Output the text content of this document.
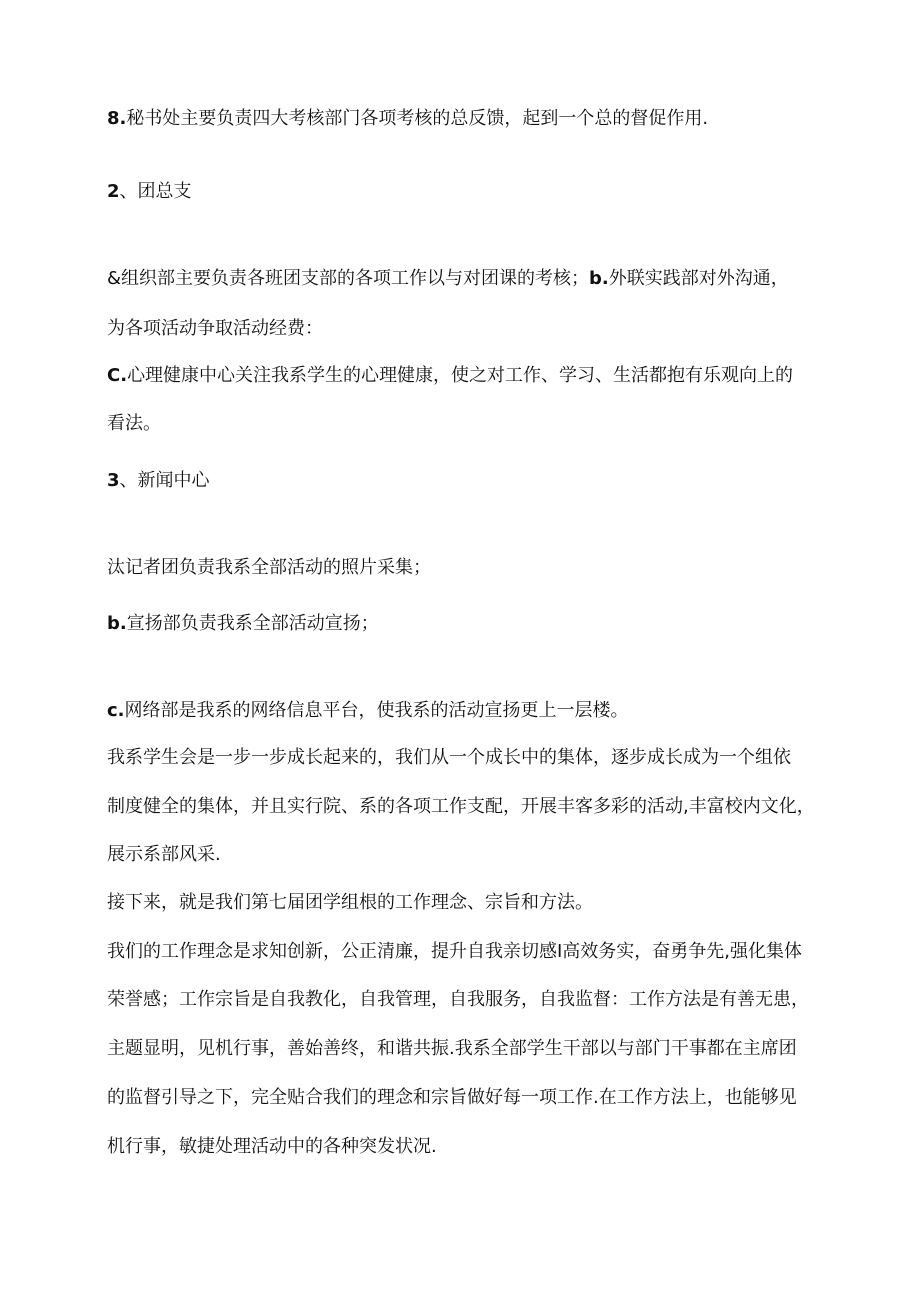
8.秘书处主要负责四大考核部门各项考核的总反馈，起到一个总的督促作用.
2、团总支
&组织部主要负责各班团支部的各项工作以与对团课的考核；b.外联实践部对外沟通，
为各项活动争取活动经费：
C.心理健康中心关注我系学生的心理健康，使之对工作、学习、生活都抱有乐观向上的
看法。
3、新闻中心
汰记者团负责我系全部活动的照片采集；
b.宣扬部负责我系全部活动宣扬；
c.网络部是我系的网络信息平台，使我系的活动宣扬更上一层楼。
我系学生会是一步一步成长起来的，我们从一个成长中的集体，逐步成长成为一个组依
制度健全的集体，并且实行院、系的各项工作支配，开展丰客多彩的活动,丰富校内文化，
展示系部风采.
接下来，就是我们第七届团学组根的工作理念、宗旨和方法。
我们的工作理念是求知创新，公正清廉，提升自我亲切感I高效务实，奋勇争先,强化集体
荣誉感；工作宗旨是自我教化，自我管理，自我服务，自我监督：工作方法是有善无患，
主题显明，见机行事，善始善终，和谐共振.我系全部学生干部以与部门干事都在主席团
的监督引导之下，完全贴合我们的理念和宗旨做好每一项工作.在工作方法上，也能够见
机行事，敏捷处理活动中的各种突发状况.
